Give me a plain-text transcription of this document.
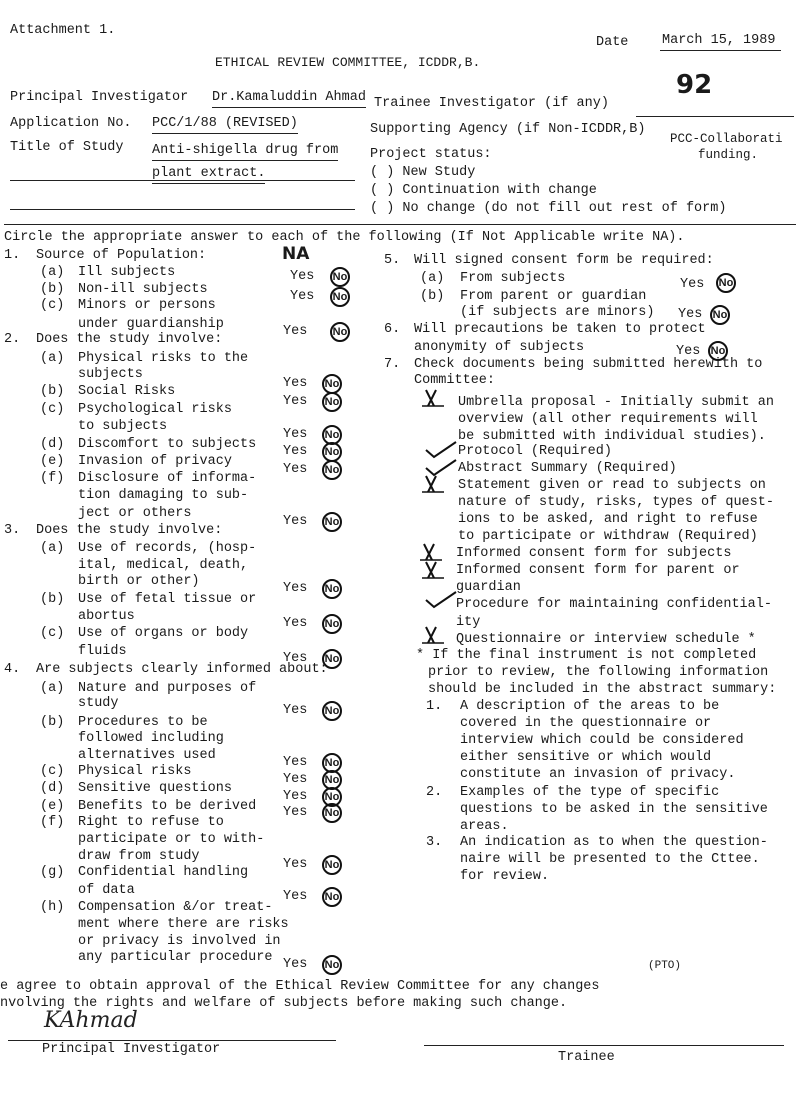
Attachment 1.
Date March 15, 1989
ETHICAL REVIEW COMMITTEE, ICDDR,B.
92
Principal Investigator Dr.Kamaluddin Ahmad Trainee Investigator (if any)
Application No. PCC/1/88 (REVISED)	Supporting Agency (if Non-ICDDR,B)
PCC-Collaborati
funding.
Title of Study Anti-shigella drug from
plant extract.
Project status:
( ) New Study
( ) Continuation with change
( ) No change (do not fill out rest of form)
Circle the appropriate answer to each of the following (If Not Applicable write NA).
NA
1. Source of Population:
(a) Ill subjects
(b) Non-ill subjects
(c) Minors or persons
under guardianship
2. Does the study involve:
(a) Physical risks to the
subjects
(b) Social Risks
(c) Psychological risks
to subjects
(d) Discomfort to subjects
(e) Invasion of privacy
(f) Disclosure of informa-
tion damaging to sub-
ject or others
3. Does the study involve:
(a) Use of records, (hosp-
ital, medical, death,
birth or other)
(b) Use of fetal tissue or
abortus
(c) Use of organs or body
fluids
4. Are subjects clearly informed about:
(a) Nature and purposes of
study
(b) Procedures to be
followed including
alternatives used
(c) Physical risks
(d) Sensitive questions
(e) Benefits to be derived
(f) Right to refuse to
participate or to with-
draw from study
(g) Confidential handling
of data
(h) Compensation &/or treat-
ment where there are risks
or privacy is involved in
any particular procedure
Yes No
Yes No
Yes No
Yes No
Yes No
Yes No
Yes No
Yes No
Yes No
Yes No
Yes No
Yes No
Yes No
Yes No
Yes No
Yes No
Yes No
Yes No
Yes No
Yes No
5. Will signed consent form be required:
(a) From subjects
(b) From parent or guardian
(if subjects are minors)
6. Will precautions be taken to protect
anonymity of subjects
7. Check documents being submitted herewith to
Committee:
Yes No
Yes No
Yes No
Umbrella proposal - Initially submit an
overview (all other requirements will
be submitted with individual studies).
Protocol (Required)
Abstract Summary (Required)
Statement given or read to subjects on
nature of study, risks, types of quest-
ions to be asked, and right to refuse
to participate or withdraw (Required)
Informed consent form for subjects
Informed consent form for parent or
guardian
Procedure for maintaining confidential-
ity
Questionnaire or interview schedule *
* If the final instrument is not completed
prior to review, the following information
should be included in the abstract summary:
1. A description of the areas to be
covered in the questionnaire or
interview which could be considered
either sensitive or which would
constitute an invasion of privacy.
2. Examples of the type of specific
questions to be asked in the sensitive
areas.
3. An indication as to when the question-
naire will be presented to the Cttee.
for review.
(PTO)
e agree to obtain approval of the Ethical Review Committee for any changes
nvolving the rights and welfare of subjects before making such change.
KAhmad
Principal Investigator
Trainee
